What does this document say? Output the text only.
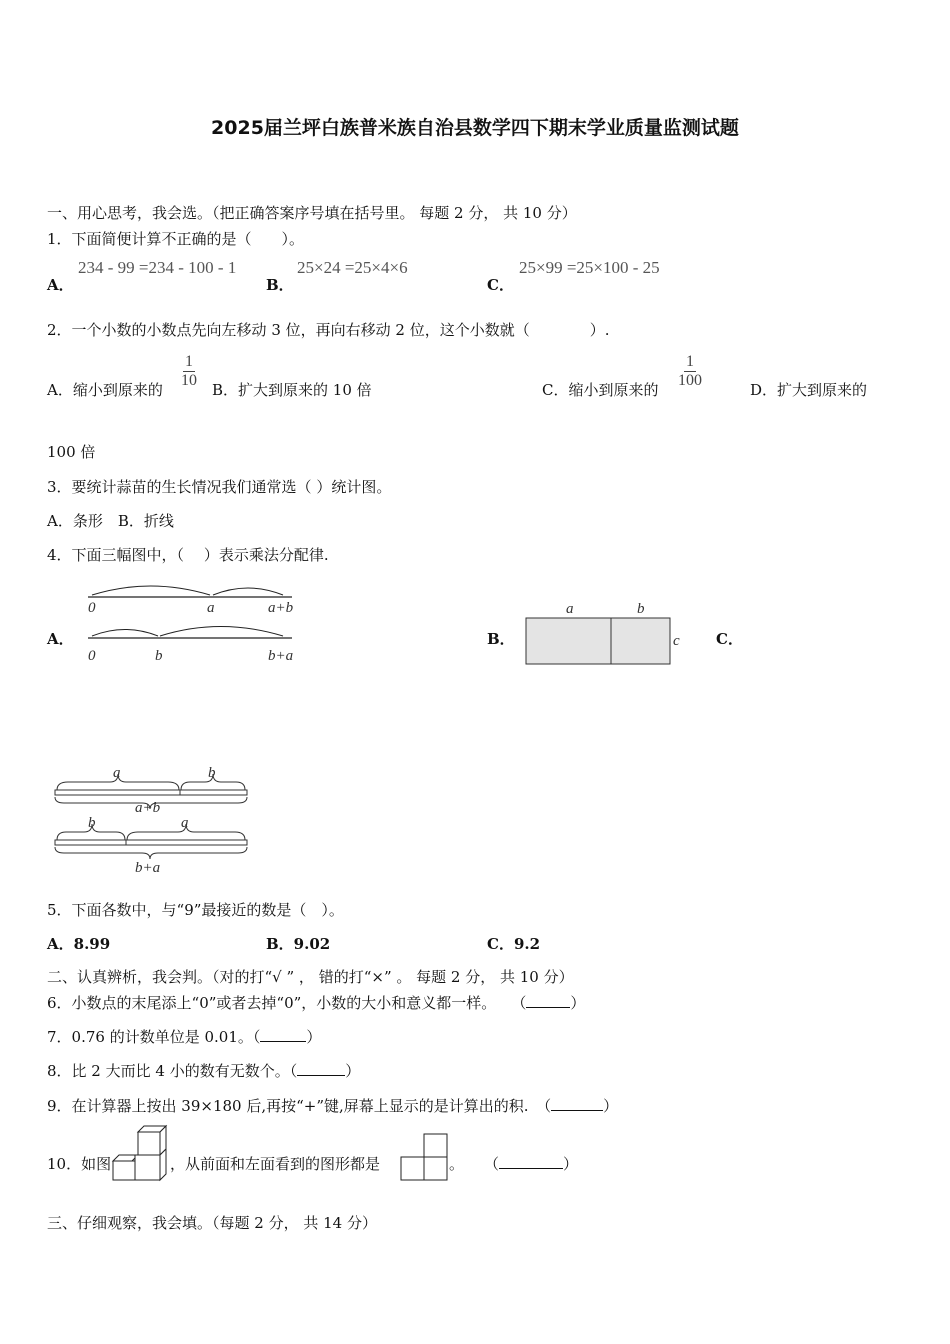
2025届兰坪白族普米族自治县数学四下期末学业质量监测试题
一、用心思考，我会选。（把正确答案序号填在括号里。 每题 2 分， 共 10 分）
1．下面简便计算不正确的是（　　）。
A．
234 - 99 =234 - 100 - 1
B．
25×24 =25×4×6
C．
25×99 =25×100 - 25
2．一个小数的小数点先向左移动 3 位，再向右移动 2 位，这个小数就（　　　　）.
A．缩小到原来的 $\frac{1}{10}$ B．扩大到原来的 10 倍	C．缩小到原来的 $\frac{1}{100}$	D．扩大到原来的
100 倍
3．要统计蒜苗的生长情况我们通常选（ ）统计图。
A．条形　B．折线
4．下面三幅图中，（　 ）表示乘法分配律.
A．
0	a	a+b
0	b	b+a
B．
a	b
c C．
a	b
a+b
b	a
b+a
5．下面各数中，与“9”最接近的数是（　）。
A．8.99	B．9.02	C．9.2
二、认真辨析，我会判。（对的打“√ ” ， 错的打“×” 。 每题 2 分， 共 10 分）
6．小数点的末尾添上“0”或者去掉“0”，小数的大小和意义都一样。  （	）
7．0.76 的计数单位是 0.01。（	）
8．比 2 大而比 4 小的数有无数个。（	）
9．在计算器上按出 39×180 后,再按“+”键,屏幕上显示的是计算出的积.  （	）
10．如图	，从前面和左面看到的图形都是	。 （	）
三、仔细观察，我会填。（每题 2 分， 共 14 分）
